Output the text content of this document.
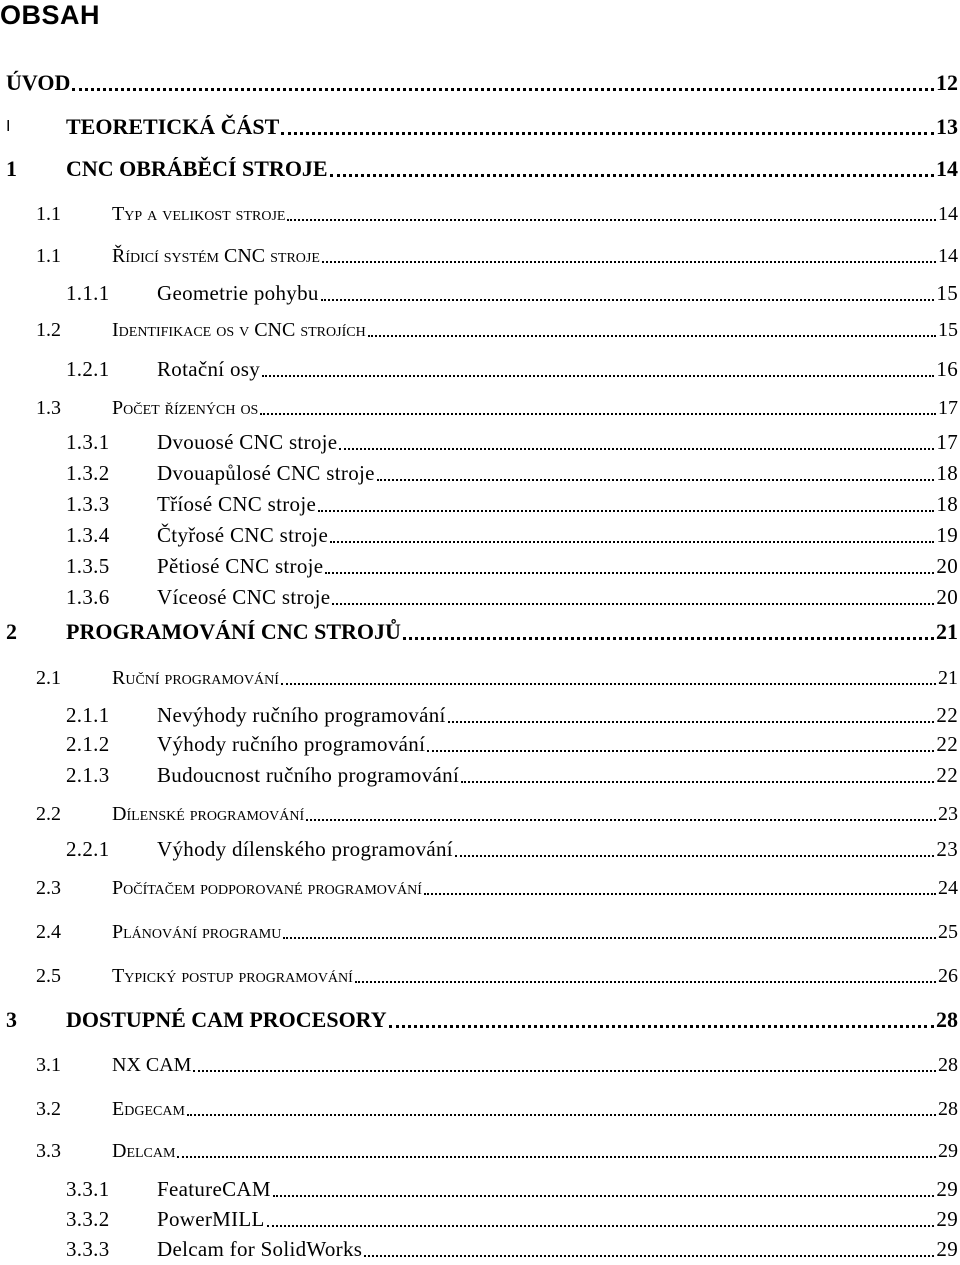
OBSAH
ÚVOD	12
I	TEORETICKÁ ČÁST	13
1	CNC OBRÁBĚCÍ STROJE	14
1.1	Typ a velikost stroje	14
1.1	Řídicí systém CNC stroje	14
1.1.1	Geometrie pohybu	15
1.2	Identifikace os v CNC strojích	15
1.2.1	Rotační osy	16
1.3	Počet řízených os	17
1.3.1	Dvouosé CNC stroje	17
1.3.2	Dvouapůlosé CNC stroje	18
1.3.3	Tříosé CNC stroje	18
1.3.4	Čtyřosé CNC stroje	19
1.3.5	Pětiosé CNC stroje	20
1.3.6	Víceosé CNC stroje	20
2	PROGRAMOVÁNÍ CNC STROJŮ	21
2.1	Ruční programování	21
2.1.1	Nevýhody ručního programování	22
2.1.2	Výhody ručního programování	22
2.1.3	Budoucnost ručního programování	22
2.2	Dílenské programování	23
2.2.1	Výhody dílenského programování	23
2.3	Počítačem podporované programování	24
2.4	Plánování programu	25
2.5	Typický postup programování	26
3	DOSTUPNÉ CAM PROCESORY	28
3.1	NX CAM	28
3.2	Edgecam	28
3.3	Delcam	29
3.3.1	FeatureCAM	29
3.3.2	PowerMILL	29
3.3.3	Delcam for SolidWorks	29
